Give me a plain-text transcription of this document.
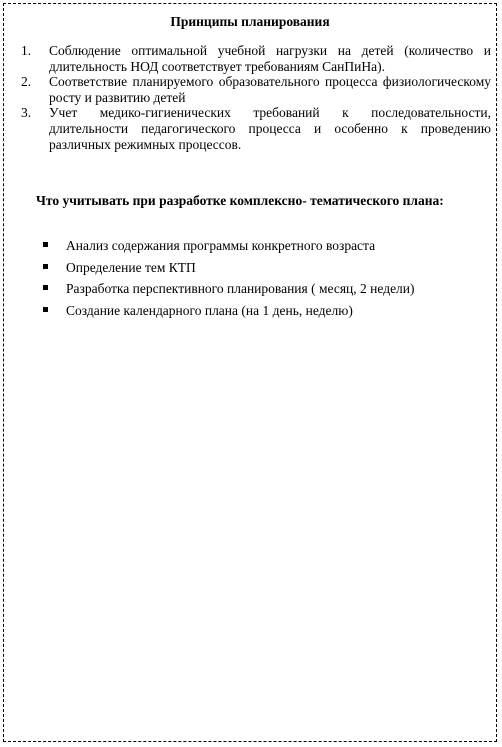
Принципы планирования
1. Соблюдение оптимальной учебной нагрузки на детей (количество и длительность НОД соответствует требованиям СанПиНа).
2. Соответствие планируемого образовательного процесса физиологическому росту и развитию детей
3. Учет медико-гигиенических требований к последовательности, длительности педагогического процесса и особенно к проведению различных режимных процессов.

Что учитывать при разработке комплексно- тематического плана:

Анализ содержания программы конкретного возраста
Определение тем КТП
Разработка перспективного планирования ( месяц, 2 недели)
Создание календарного плана (на 1 день, неделю)
